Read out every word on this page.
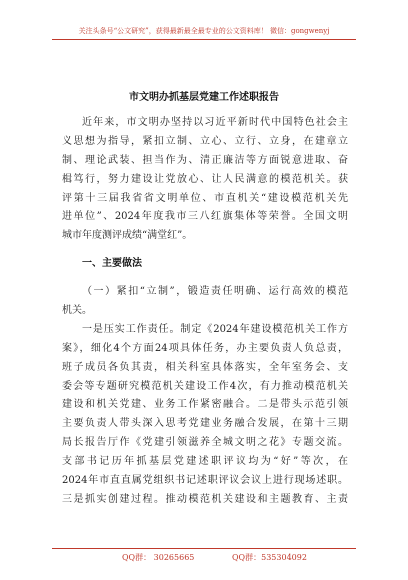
关注头条号“公文研究”，获得最新最全最专业的公文资料库！ 微信：gongwenyj
市文明办抓基层党建工作述职报告
近年来，市文明办坚持以习近平新时代中国特色社会主
义思想为指导，紧扣立制、立心、立行、立身，在建章立
制、理论武装、担当作为、清正廉洁等方面锐意进取、奋
楫笃行，努力建设让党放心、让人民满意的模范机关。获
评第十三届我省省文明单位、市直机关“建设模范机关先
进单位”、2024年度我市三八红旗集体等荣誉。全国文明
城市年度测评成绩“满堂红”。
一、主要做法
（一）紧扣“立制”，锻造责任明确、运行高效的模范
机关。
一是压实工作责任。制定《2024年建设模范机关工作方
案》，细化4个方面24项具体任务，办主要负责人负总责，
班子成员各负其责，相关科室具体落实，全年室务会、支
委会等专题研究模范机关建设工作4次，有力推动模范机关
建设和机关党建、业务工作紧密融合。二是带头示范引领
主要负责人带头深入思考党建业务融合发展，在第十三期
局长报告厅作《党建引领滋养全城文明之花》专题交流。
支部书记历年抓基层党建述职评议均为“好”等次，在
2024年市直直属党组织书记述职评议会议上进行现场述职。
三是抓实创建过程。推动模范机关建设和主题教育、主责
QQ群： 30265665	QQ群：535304092
